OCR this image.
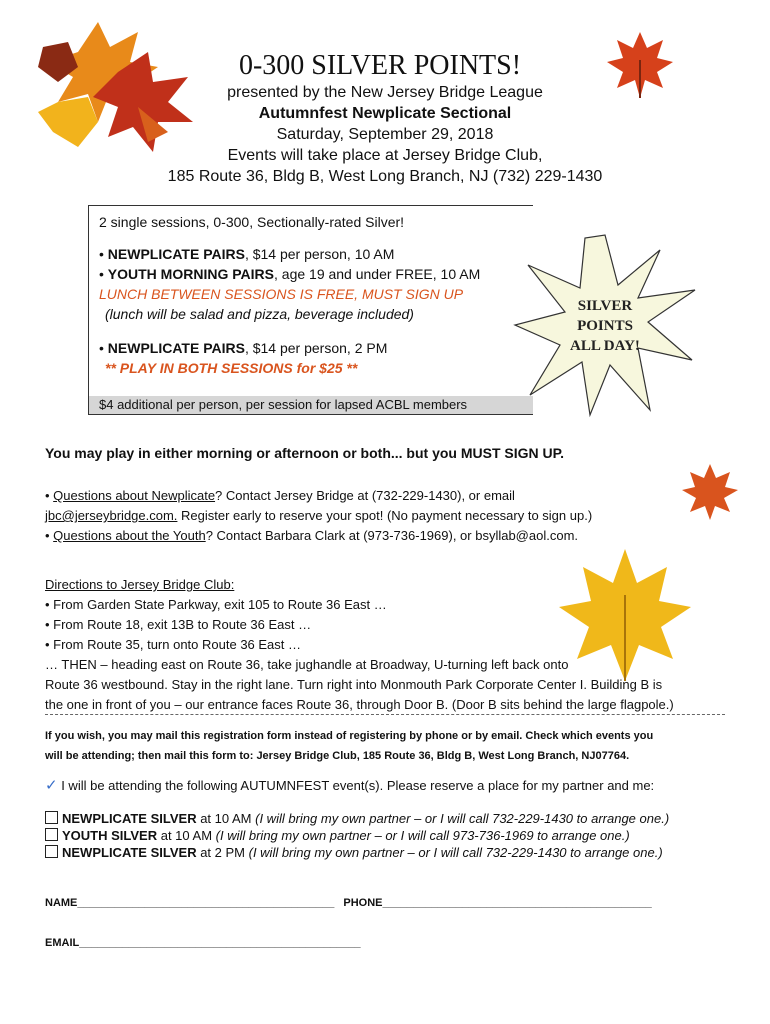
0-300 SILVER POINTS!
presented by the New Jersey Bridge League
Autumnfest Newplicate Sectional
Saturday, September 29, 2018
Events will take place at Jersey Bridge Club,
185 Route 36, Bldg B, West Long Branch, NJ (732) 229-1430
2 single sessions, 0-300, Sectionally-rated Silver!
• NEWPLICATE PAIRS, $14 per person, 10 AM
• YOUTH MORNING PAIRS, age 19 and under FREE, 10 AM
LUNCH BETWEEN SESSIONS IS FREE, MUST SIGN UP
(lunch will be salad and pizza, beverage included)
• NEWPLICATE PAIRS, $14 per person, 2 PM
** PLAY IN BOTH SESSIONS for $25 **
$4 additional per person, per session for lapsed ACBL members
SILVER
POINTS
ALL DAY!
You may play in either morning or afternoon or both... but you MUST SIGN UP.
• Questions about Newplicate? Contact Jersey Bridge at (732-229-1430), or email
jbc@jerseybridge.com. Register early to reserve your spot! (No payment necessary to sign up.)
• Questions about the Youth? Contact Barbara Clark at (973-736-1969), or bsyllab@aol.com.
Directions to Jersey Bridge Club:
• From Garden State Parkway, exit 105 to Route 36 East …
• From Route 18, exit 13B to Route 36 East …
• From Route 35, turn onto Route 36 East …
… THEN – heading east on Route 36, take jughandle at Broadway, U-turning left back onto
Route 36 westbound. Stay in the right lane. Turn right into Monmouth Park Corporate Center I. Building B is
the one in front of you – our entrance faces Route 36, through Door B. (Door B sits behind the large flagpole.)
If you wish, you may mail this registration form instead of registering by phone or by email. Check which events you
will be attending; then mail this form to: Jersey Bridge Club, 185 Route 36, Bldg B, West Long Branch, NJ07764.
✓ I will be attending the following AUTUMNFEST event(s). Please reserve a place for my partner and me:
NEWPLICATE SILVER at 10 AM (I will bring my own partner – or I will call 732-229-1430 to arrange one.)
YOUTH SILVER at 10 AM (I will bring my own partner – or I will call 973-736-1969 to arrange one.)
NEWPLICATE SILVER at 2 PM (I will bring my own partner – or I will call 732-229-1430 to arrange one.)
NAME__________________________________________ PHONE____________________________________________
EMAIL______________________________________________
